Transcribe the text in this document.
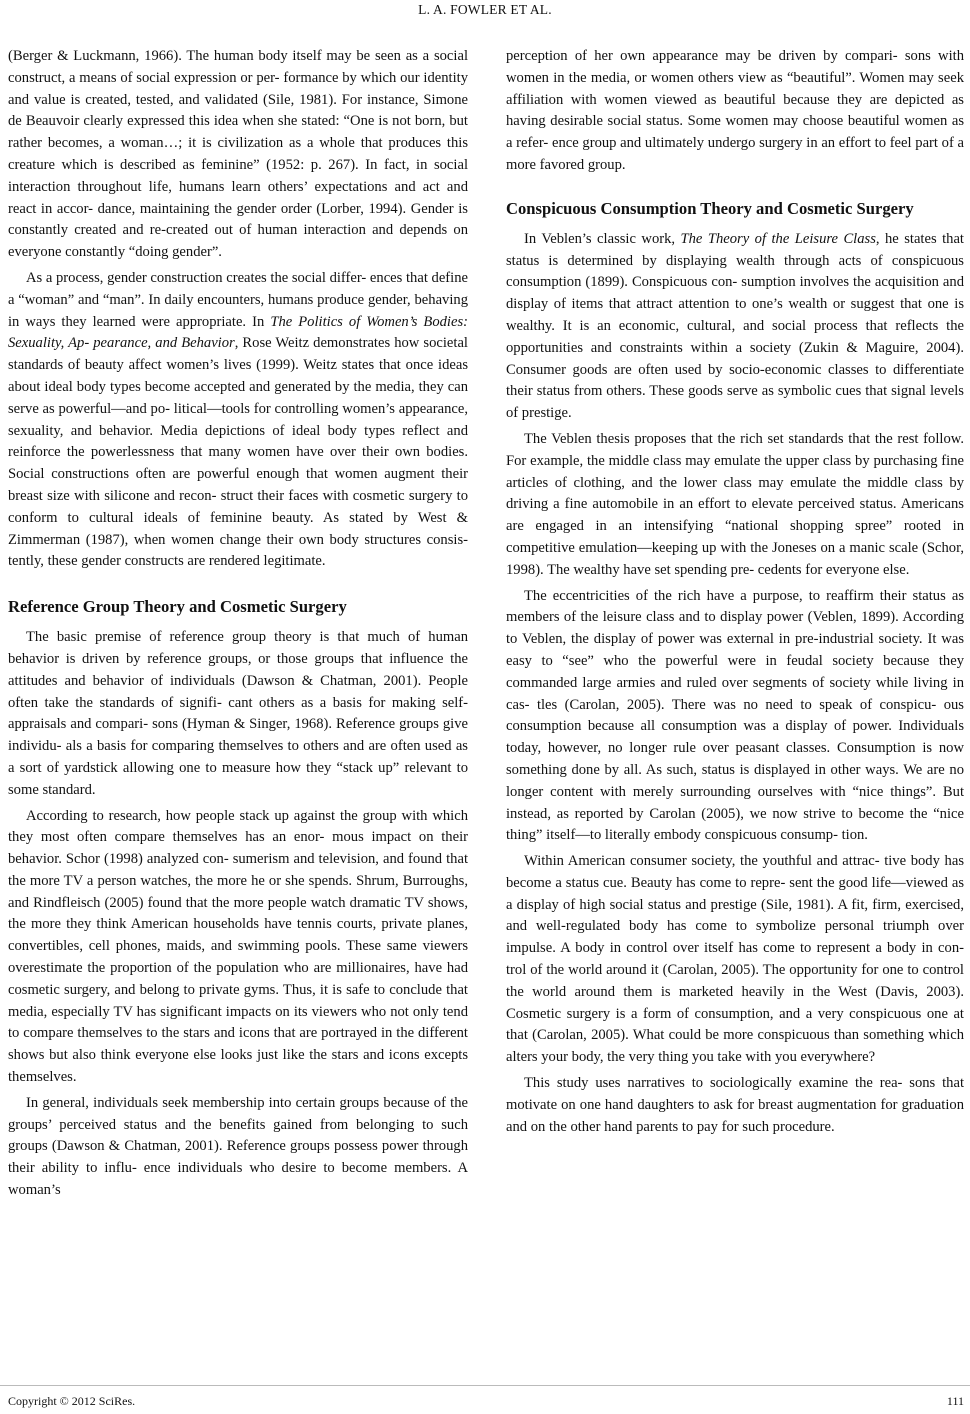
L. A. FOWLER ET AL.

(Berger & Luckmann, 1966). The human body itself may be seen as a social construct, a means of social expression or per- formance by which our identity and value is created, tested, and validated (Sile, 1981). For instance, Simone de Beauvoir clearly expressed this idea when she stated: “One is not born, but rather becomes, a woman…; it is civilization as a whole that produces this creature which is described as feminine” (1952: p. 267). In fact, in social interaction throughout life, humans learn others’ expectations and act and react in accor- dance, maintaining the gender order (Lorber, 1994). Gender is constantly created and re-created out of human interaction and depends on everyone constantly “doing gender”.

As a process, gender construction creates the social differ- ences that define a “woman” and “man”. In daily encounters, humans produce gender, behaving in ways they learned were appropriate. In The Politics of Women’s Bodies: Sexuality, Ap- pearance, and Behavior, Rose Weitz demonstrates how societal standards of beauty affect women’s lives (1999). Weitz states that once ideas about ideal body types become accepted and generated by the media, they can serve as powerful—and po- litical—tools for controlling women’s appearance, sexuality, and behavior. Media depictions of ideal body types reflect and reinforce the powerlessness that many women have over their own bodies. Social constructions often are powerful enough that women augment their breast size with silicone and recon- struct their faces with cosmetic surgery to conform to cultural ideals of feminine beauty. As stated by West & Zimmerman (1987), when women change their own body structures consis- tently, these gender constructs are rendered legitimate.

Reference Group Theory and Cosmetic Surgery

The basic premise of reference group theory is that much of human behavior is driven by reference groups, or those groups that influence the attitudes and behavior of individuals (Dawson & Chatman, 2001). People often take the standards of signifi- cant others as a basis for making self-appraisals and compari- sons (Hyman & Singer, 1968). Reference groups give individu- als a basis for comparing themselves to others and are often used as a sort of yardstick allowing one to measure how they “stack up” relevant to some standard.

According to research, how people stack up against the group with which they most often compare themselves has an enor- mous impact on their behavior. Schor (1998) analyzed con- sumerism and television, and found that the more TV a person watches, the more he or she spends. Shrum, Burroughs, and Rindfleisch (2005) found that the more people watch dramatic TV shows, the more they think American households have tennis courts, private planes, convertibles, cell phones, maids, and swimming pools. These same viewers overestimate the proportion of the population who are millionaires, have had cosmetic surgery, and belong to private gyms. Thus, it is safe to conclude that media, especially TV has significant impacts on its viewers who not only tend to compare themselves to the stars and icons that are portrayed in the different shows but also think everyone else looks just like the stars and icons excepts themselves.

In general, individuals seek membership into certain groups because of the groups’ perceived status and the benefits gained from belonging to such groups (Dawson & Chatman, 2001). Reference groups possess power through their ability to influ- ence individuals who desire to become members. A woman’s

perception of her own appearance may be driven by compari- sons with women in the media, or women others view as “beautiful”. Women may seek affiliation with women viewed as beautiful because they are depicted as having desirable social status. Some women may choose beautiful women as a refer- ence group and ultimately undergo surgery in an effort to feel part of a more favored group.

Conspicuous Consumption Theory and Cosmetic Surgery

In Veblen’s classic work, The Theory of the Leisure Class, he states that status is determined by displaying wealth through acts of conspicuous consumption (1899). Conspicuous con- sumption involves the acquisition and display of items that attract attention to one’s wealth or suggest that one is wealthy. It is an economic, cultural, and social process that reflects the opportunities and constraints within a society (Zukin & Maguire, 2004). Consumer goods are often used by socio-economic classes to differentiate their status from others. These goods serve as symbolic cues that signal levels of prestige.

The Veblen thesis proposes that the rich set standards that the rest follow. For example, the middle class may emulate the upper class by purchasing fine articles of clothing, and the lower class may emulate the middle class by driving a fine automobile in an effort to elevate perceived status. Americans are engaged in an intensifying “national shopping spree” rooted in competitive emulation—keeping up with the Joneses on a manic scale (Schor, 1998). The wealthy have set spending pre- cedents for everyone else.

The eccentricities of the rich have a purpose, to reaffirm their status as members of the leisure class and to display power (Veblen, 1899). According to Veblen, the display of power was external in pre-industrial society. It was easy to “see” who the powerful were in feudal society because they commanded large armies and ruled over segments of society while living in cas- tles (Carolan, 2005). There was no need to speak of conspicu- ous consumption because all consumption was a display of power. Individuals today, however, no longer rule over peasant classes. Consumption is now something done by all. As such, status is displayed in other ways. We are no longer content with merely surrounding ourselves with “nice things”. But instead, as reported by Carolan (2005), we now strive to become the “nice thing” itself—to literally embody conspicuous consump- tion.

Within American consumer society, the youthful and attrac- tive body has become a status cue. Beauty has come to repre- sent the good life—viewed as a display of high social status and prestige (Sile, 1981). A fit, firm, exercised, and well-regulated body has come to symbolize personal triumph over impulse. A body in control over itself has come to represent a body in con- trol of the world around it (Carolan, 2005). The opportunity for one to control the world around them is marketed heavily in the West (Davis, 2003). Cosmetic surgery is a form of consumption, and a very conspicuous one at that (Carolan, 2005). What could be more conspicuous than something which alters your body, the very thing you take with you everywhere?

This study uses narratives to sociologically examine the rea- sons that motivate on one hand daughters to ask for breast augmentation for graduation and on the other hand parents to pay for such procedure.

Copyright © 2012 SciRes.	111
